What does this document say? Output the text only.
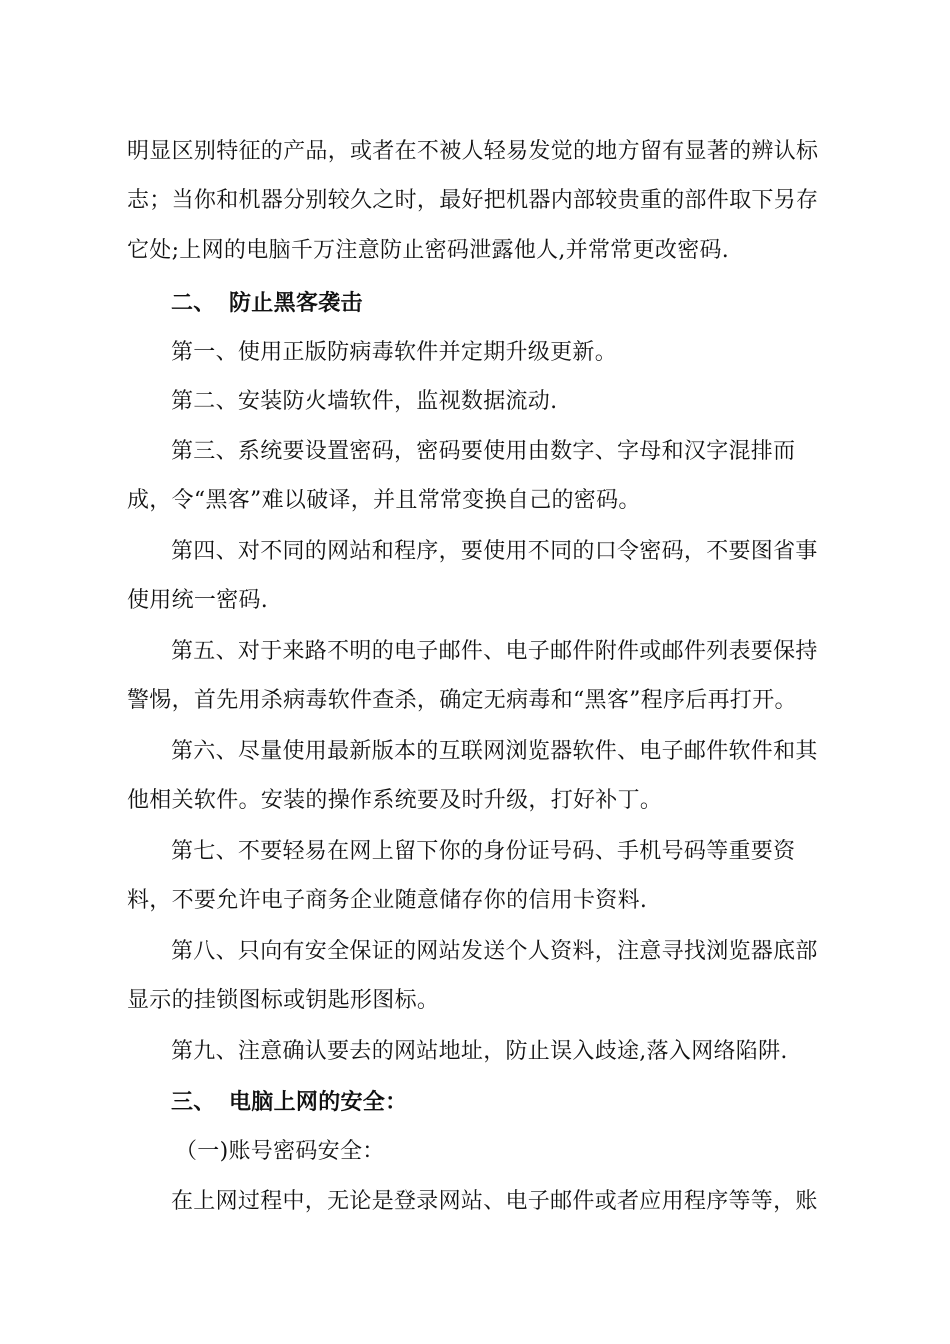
明显区别特征的产品，或者在不被人轻易发觉的地方留有显著的辨认标
志；当你和机器分别较久之时，最好把机器内部较贵重的部件取下另存
它处;上网的电脑千万注意防止密码泄露他人,并常常更改密码.
二、 防止黑客袭击
第一、使用正版防病毒软件并定期升级更新。
第二、安装防火墙软件，监视数据流动.
第三、系统要设置密码，密码要使用由数字、字母和汉字混排而
成，令“黑客”难以破译，并且常常变换自己的密码。
第四、对不同的网站和程序，要使用不同的口令密码，不要图省事
使用统一密码.
第五、对于来路不明的电子邮件、电子邮件附件或邮件列表要保持
警惕，首先用杀病毒软件查杀，确定无病毒和“黑客”程序后再打开。
第六、尽量使用最新版本的互联网浏览器软件、电子邮件软件和其
他相关软件。安装的操作系统要及时升级，打好补丁。
第七、不要轻易在网上留下你的身份证号码、手机号码等重要资
料，不要允许电子商务企业随意储存你的信用卡资料.
第八、只向有安全保证的网站发送个人资料，注意寻找浏览器底部
显示的挂锁图标或钥匙形图标。
第九、注意确认要去的网站地址，防止误入歧途,落入网络陷阱.
三、 电脑上网的安全：
（一)账号密码安全：
在上网过程中，无论是登录网站、电子邮件或者应用程序等等，账
